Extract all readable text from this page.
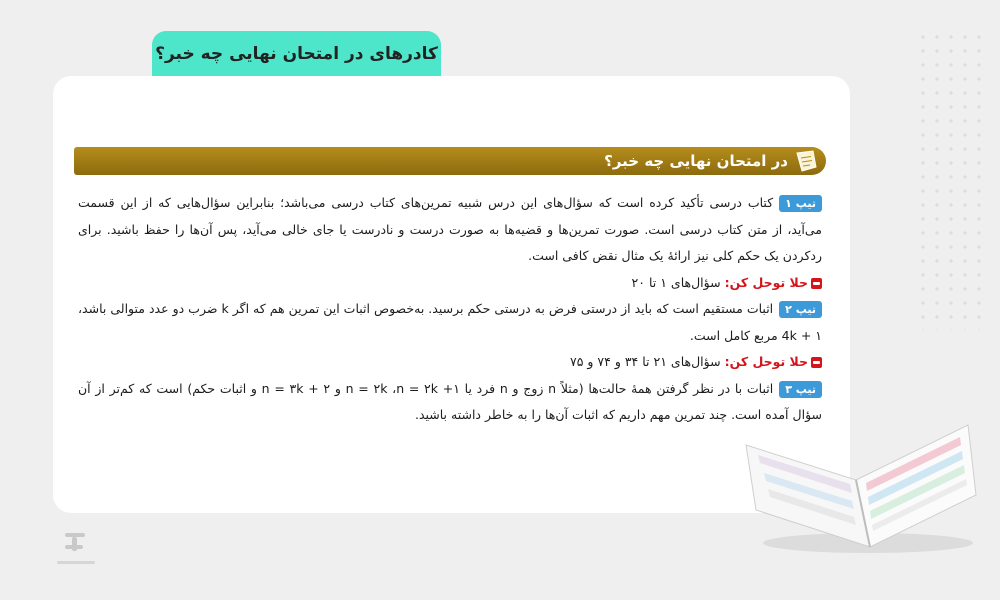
کادرهای در امتحان نهایی چه خبر؟
در امتحان نهایی چه خبر؟

تیپ ۱کتاب درسی تأکید کرده است که سؤال‌های این درس شبیه تمرین‌های کتاب درسی می‌باشد؛ بنابراین سؤال‌هایی که از این قسمت می‌آید، از متن کتاب درسی است. صورت تمرین‌ها و قضیه‌ها به صورت درست و نادرست یا جای خالی می‌آید، پس آن‌ها را حفظ باشید. برای ردکردن یک حکم کلی نیز ارائهٔ یک مثال نقض کافی است.

حلا توحل کن: سؤال‌های ۱ تا ۲۰

تیپ ۲اثبات مستقیم است که باید از درستی فرض به درستی حکم برسید. به‌خصوص اثبات این تمرین هم که اگر k ضرب دو عدد متوالی باشد، 4k + ۱ مربع کامل است.

حلا توحل کن: سؤال‌های ۲۱ تا ۳۴ و ۷۴ و ۷۵

تیپ ۳اثبات با در نظر گرفتن همهٔ حالت‌ها (مثلاً n زوج و n فرد یا n = ۲k ،n = ۲k +۱ و n = ۳k + ۲ و اثبات حکم) است که کم‌تر از آن سؤال آمده است. چند تمرین مهم داریم که اثبات آن‌ها را به خاطر داشته باشید.
